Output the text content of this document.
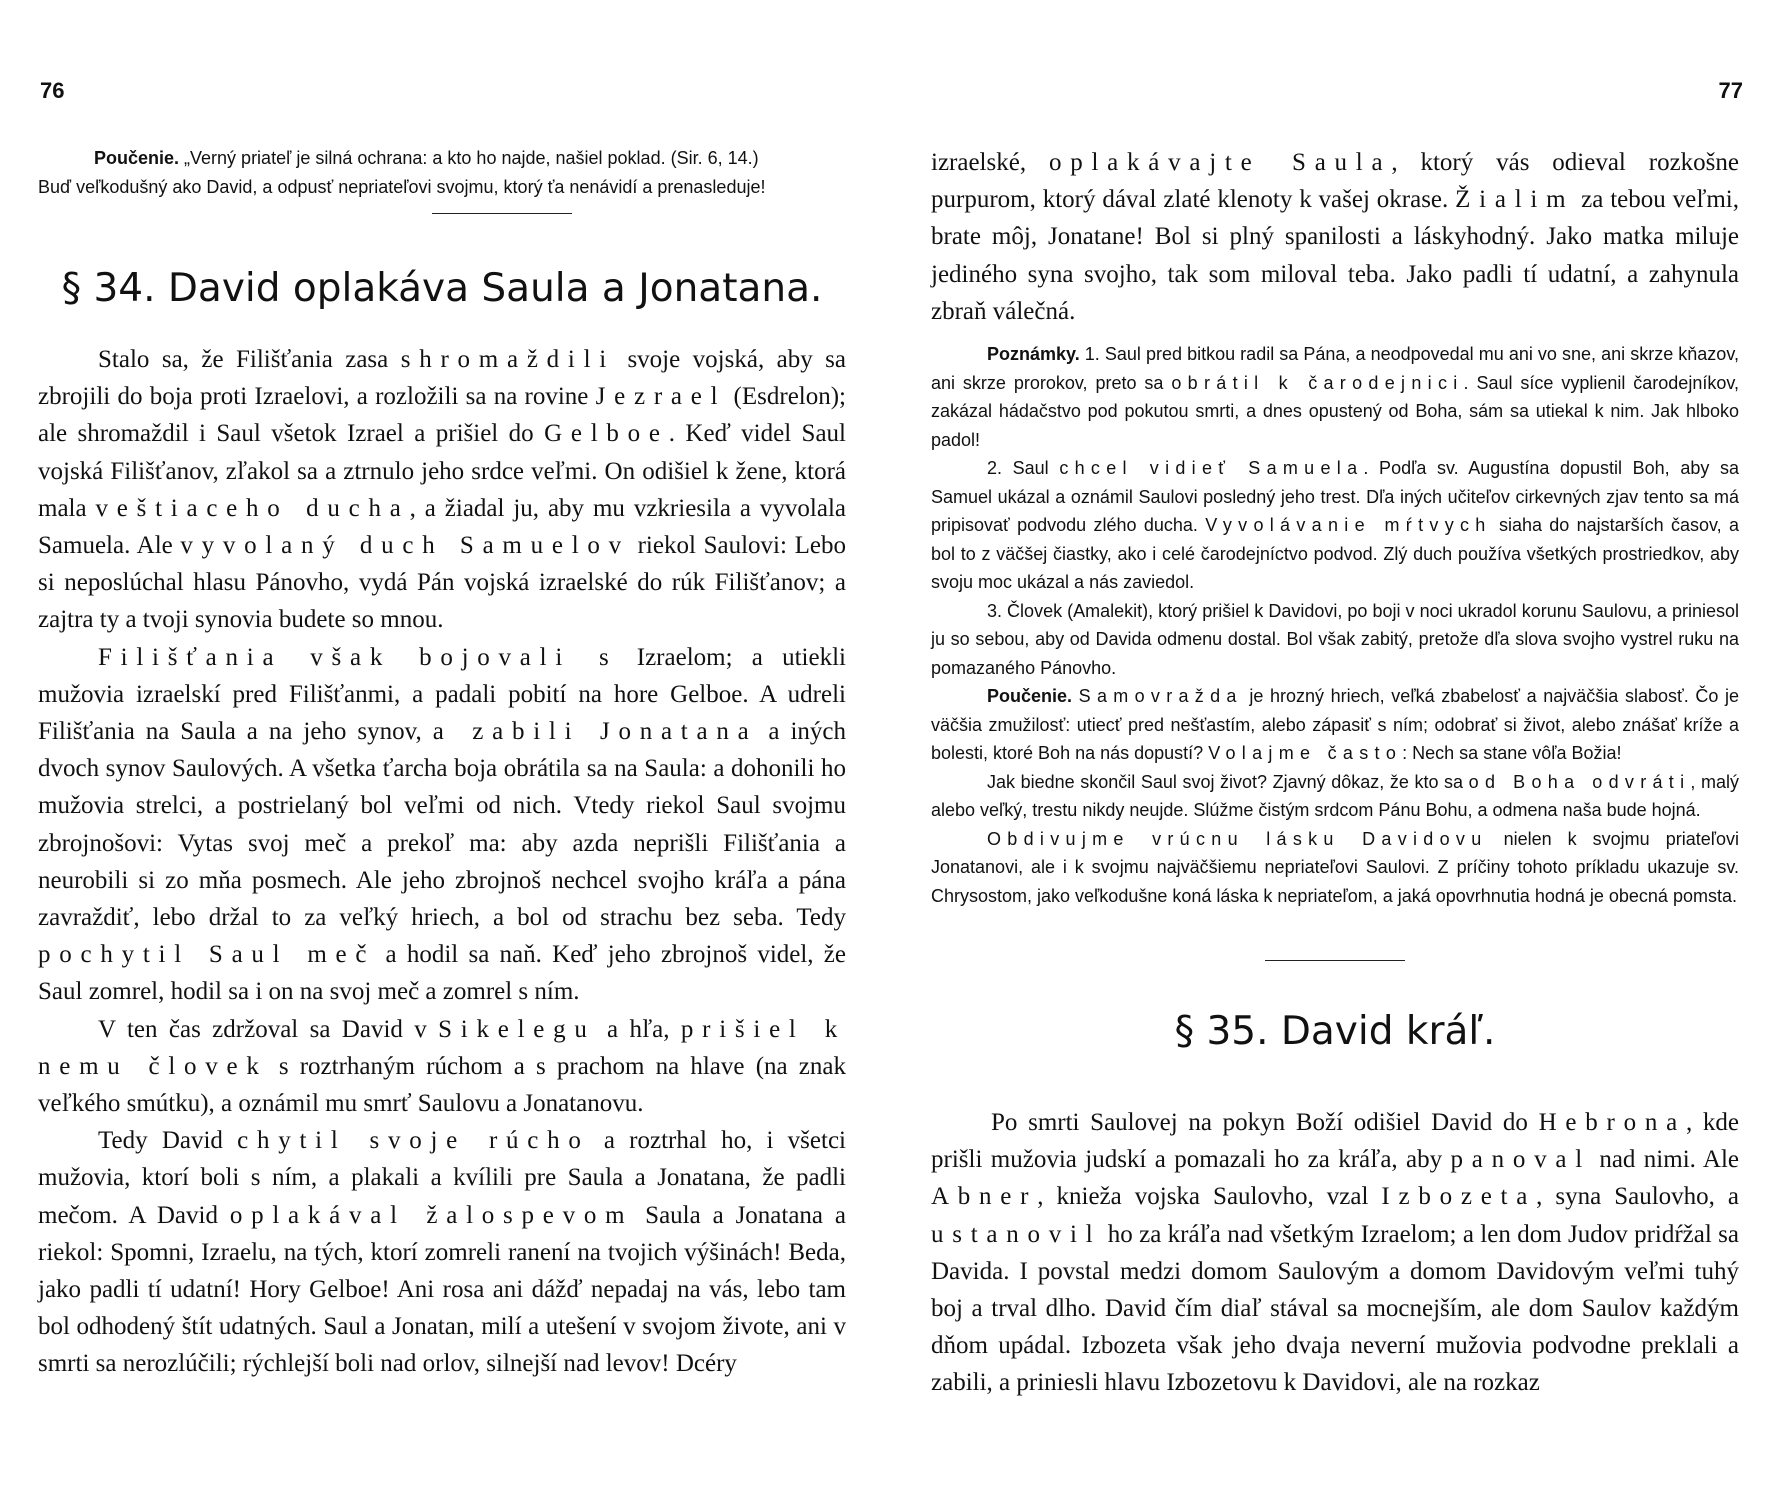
76

Poučenie. „Verný priateľ je silná ochrana: a kto ho najde, našiel poklad. (Sir. 6, 14.)

Buď veľkodušný ako David, a odpusť nepriateľovi svojmu, ktorý ťa nenávidí a prenasleduje!

§ 34. David oplakáva Saula a Jonatana.

Stalo sa, že Filišťania zasa shromaždili svoje vojská, aby sa zbrojili do boja proti Izraelovi, a rozložili sa na rovine Jezrael (Esdrelon); ale shromaždil i Saul všetok Izrael a prišiel do Gelboe. Keď videl Saul vojská Filišťanov, zľakol sa a ztrnulo jeho srdce veľmi. On odišiel k žene, ktorá mala veštiaceho ducha, a žiadal ju, aby mu vzkriesila a vyvolala Samuela. Ale vyvolaný duch Samuelov riekol Saulovi: Lebo si neposlúchal hlasu Pánovho, vydá Pán vojská izraelské do rúk Filišťanov; a zajtra ty a tvoji synovia budete so mnou.

Filišťania však bojovali s Izraelom; a utiekli mužovia izraelskí pred Filišťanmi, a padali pobití na hore Gelboe. A udreli Filišťania na Saula a na jeho synov, a zabili Jonatana a iných dvoch synov Saulových. A všetka ťarcha boja obrátila sa na Saula: a dohonili ho mužovia strelci, a postrielaný bol veľmi od nich. Vtedy riekol Saul svojmu zbrojnošovi: Vytas svoj meč a prekoľ ma: aby azda neprišli Filišťania a neurobili si zo mňa posmech. Ale jeho zbrojnoš nechcel svojho kráľa a pána zavraždiť, lebo držal to za veľký hriech, a bol od strachu bez seba. Tedy pochytil Saul meč a hodil sa naň. Keď jeho zbrojnoš videl, že Saul zomrel, hodil sa i on na svoj meč a zomrel s ním.

V ten čas zdržoval sa David v Sikelegu a hľa, prišiel k nemu človek s roztrhaným rúchom a s prachom na hlave (na znak veľkého smútku), a oznámil mu smrť Saulovu a Jonatanovu.

Tedy David chytil svoje rúcho a roztrhal ho, i všetci mužovia, ktorí boli s ním, a plakali a kvílili pre Saula a Jonatana, že padli mečom. A David oplakával žalospevom Saula a Jonatana a riekol: Spomni, Izraelu, na tých, ktorí zomreli ranení na tvojich výšinách! Beda, jako padli tí udatní! Hory Gelboe! Ani rosa ani dážď nepadaj na vás, lebo tam bol odhodený štít udatných. Saul a Jonatan, milí a utešení v svojom živote, ani v smrti sa nerozlúčili; rýchlejší boli nad orlov, silnejší nad levov! Dcéry

77

izraelské, oplakávajte Saula, ktorý vás odieval rozkošne purpurom, ktorý dával zlaté klenoty k vašej okrase. Žialim za tebou veľmi, brate môj, Jonatane! Bol si plný spanilosti a láskyhodný. Jako matka miluje jediného syna svojho, tak som miloval teba. Jako padli tí udatní, a zahynula zbraň válečná.

Poznámky. 1. Saul pred bitkou radil sa Pána, a neodpovedal mu ani vo sne, ani skrze kňazov, ani skrze prorokov, preto sa obrátil k čarodejnici. Saul síce vyplienil čarodejníkov, zakázal hádačstvo pod pokutou smrti, a dnes opustený od Boha, sám sa utiekal k nim. Jak hlboko padol!

2. Saul chcel vidieť Samuela. Podľa sv. Augustína dopustil Boh, aby sa Samuel ukázal a oznámil Saulovi posledný jeho trest. Dľa iných učiteľov cirkevných zjav tento sa má pripisovať podvodu zlého ducha. Vyvolávanie mŕtvych siaha do najstarších časov, a bol to z väčšej čiastky, ako i celé čarodejníctvo podvod. Zlý duch používa všetkých prostriedkov, aby svoju moc ukázal a nás zaviedol.

3. Človek (Amalekit), ktorý prišiel k Davidovi, po boji v noci ukradol korunu Saulovu, a priniesol ju so sebou, aby od Davida odmenu dostal. Bol však zabitý, pretože dľa slova svojho vystrel ruku na pomazaného Pánovho.

Poučenie. Samovražda je hrozný hriech, veľká zbabelosť a najväčšia slabosť. Čo je väčšia zmužilosť: utiecť pred nešťastím, alebo zápasiť s ním; odobrať si život, alebo znášať kríže a bolesti, ktoré Boh na nás dopustí? Volajme často: Nech sa stane vôľa Božia!

Jak biedne skončil Saul svoj život? Zjavný dôkaz, že kto sa od Boha odvráti, malý alebo veľký, trestu nikdy neujde. Slúžme čistým srdcom Pánu Bohu, a odmena naša bude hojná.

Obdivujme vrúcnu lásku Davidovu nielen k svojmu priateľovi Jonatanovi, ale i k svojmu najväčšiemu nepriateľovi Saulovi. Z príčiny tohoto príkladu ukazuje sv. Chrysostom, jako veľkodušne koná láska k nepriateľom, a jaká opovrhnutia hodná je obecná pomsta.

§ 35. David kráľ.

Po smrti Saulovej na pokyn Boží odišiel David do Hebrona, kde prišli mužovia judskí a pomazali ho za kráľa, aby panoval nad nimi. Ale Abner, knieža vojska Saulovho, vzal Izbozeta, syna Saulovho, a ustanovil ho za kráľa nad všetkým Izraelom; a len dom Judov pridŕžal sa Davida. I povstal medzi domom Saulovým a domom Davidovým veľmi tuhý boj a trval dlho. David čím diaľ stával sa mocnejším, ale dom Saulov každým dňom upádal. Izbozeta však jeho dvaja neverní mužovia podvodne preklali a zabili, a priniesli hlavu Izbozetovu k Davidovi, ale na rozkaz
